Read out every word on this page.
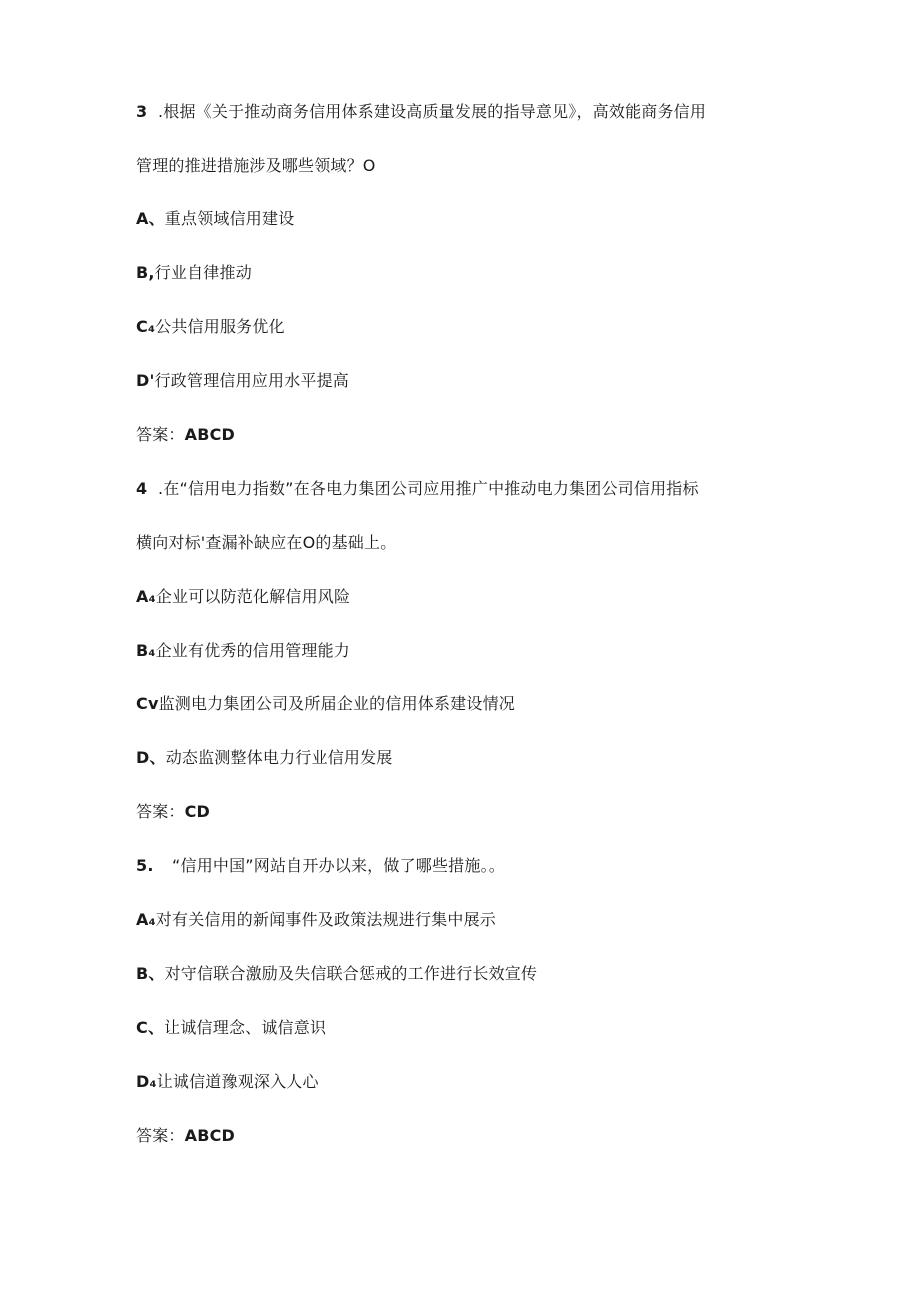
3 .根据《关于推动商务信用体系建设高质量发展的指导意见》，高效能商务信用
管理的推进措施涉及哪些领域？O
A、重点领域信用建设
B,行业自律推动
C₄公共信用服务优化
D'行政管理信用应用水平提高
答案：ABCD
4 .在“信用电力指数”在各电力集团公司应用推广中推动电力集团公司信用指标
横向对标'查漏补缺应在O的基础上。
A₄企业可以防范化解信用风险
B₄企业有优秀的信用管理能力
Cv监测电力集团公司及所届企业的信用体系建设情况
D、动态监测整体电力行业信用发展
答案：CD
5. “信用中国”网站自开办以来，做了哪些措施。。
A₄对有关信用的新闻事件及政策法规进行集中展示
B、对守信联合激励及失信联合惩戒的工作进行长效宣传
C、让诚信理念、诚信意识
D₄让诚信道豫观深入人心
答案：ABCD
